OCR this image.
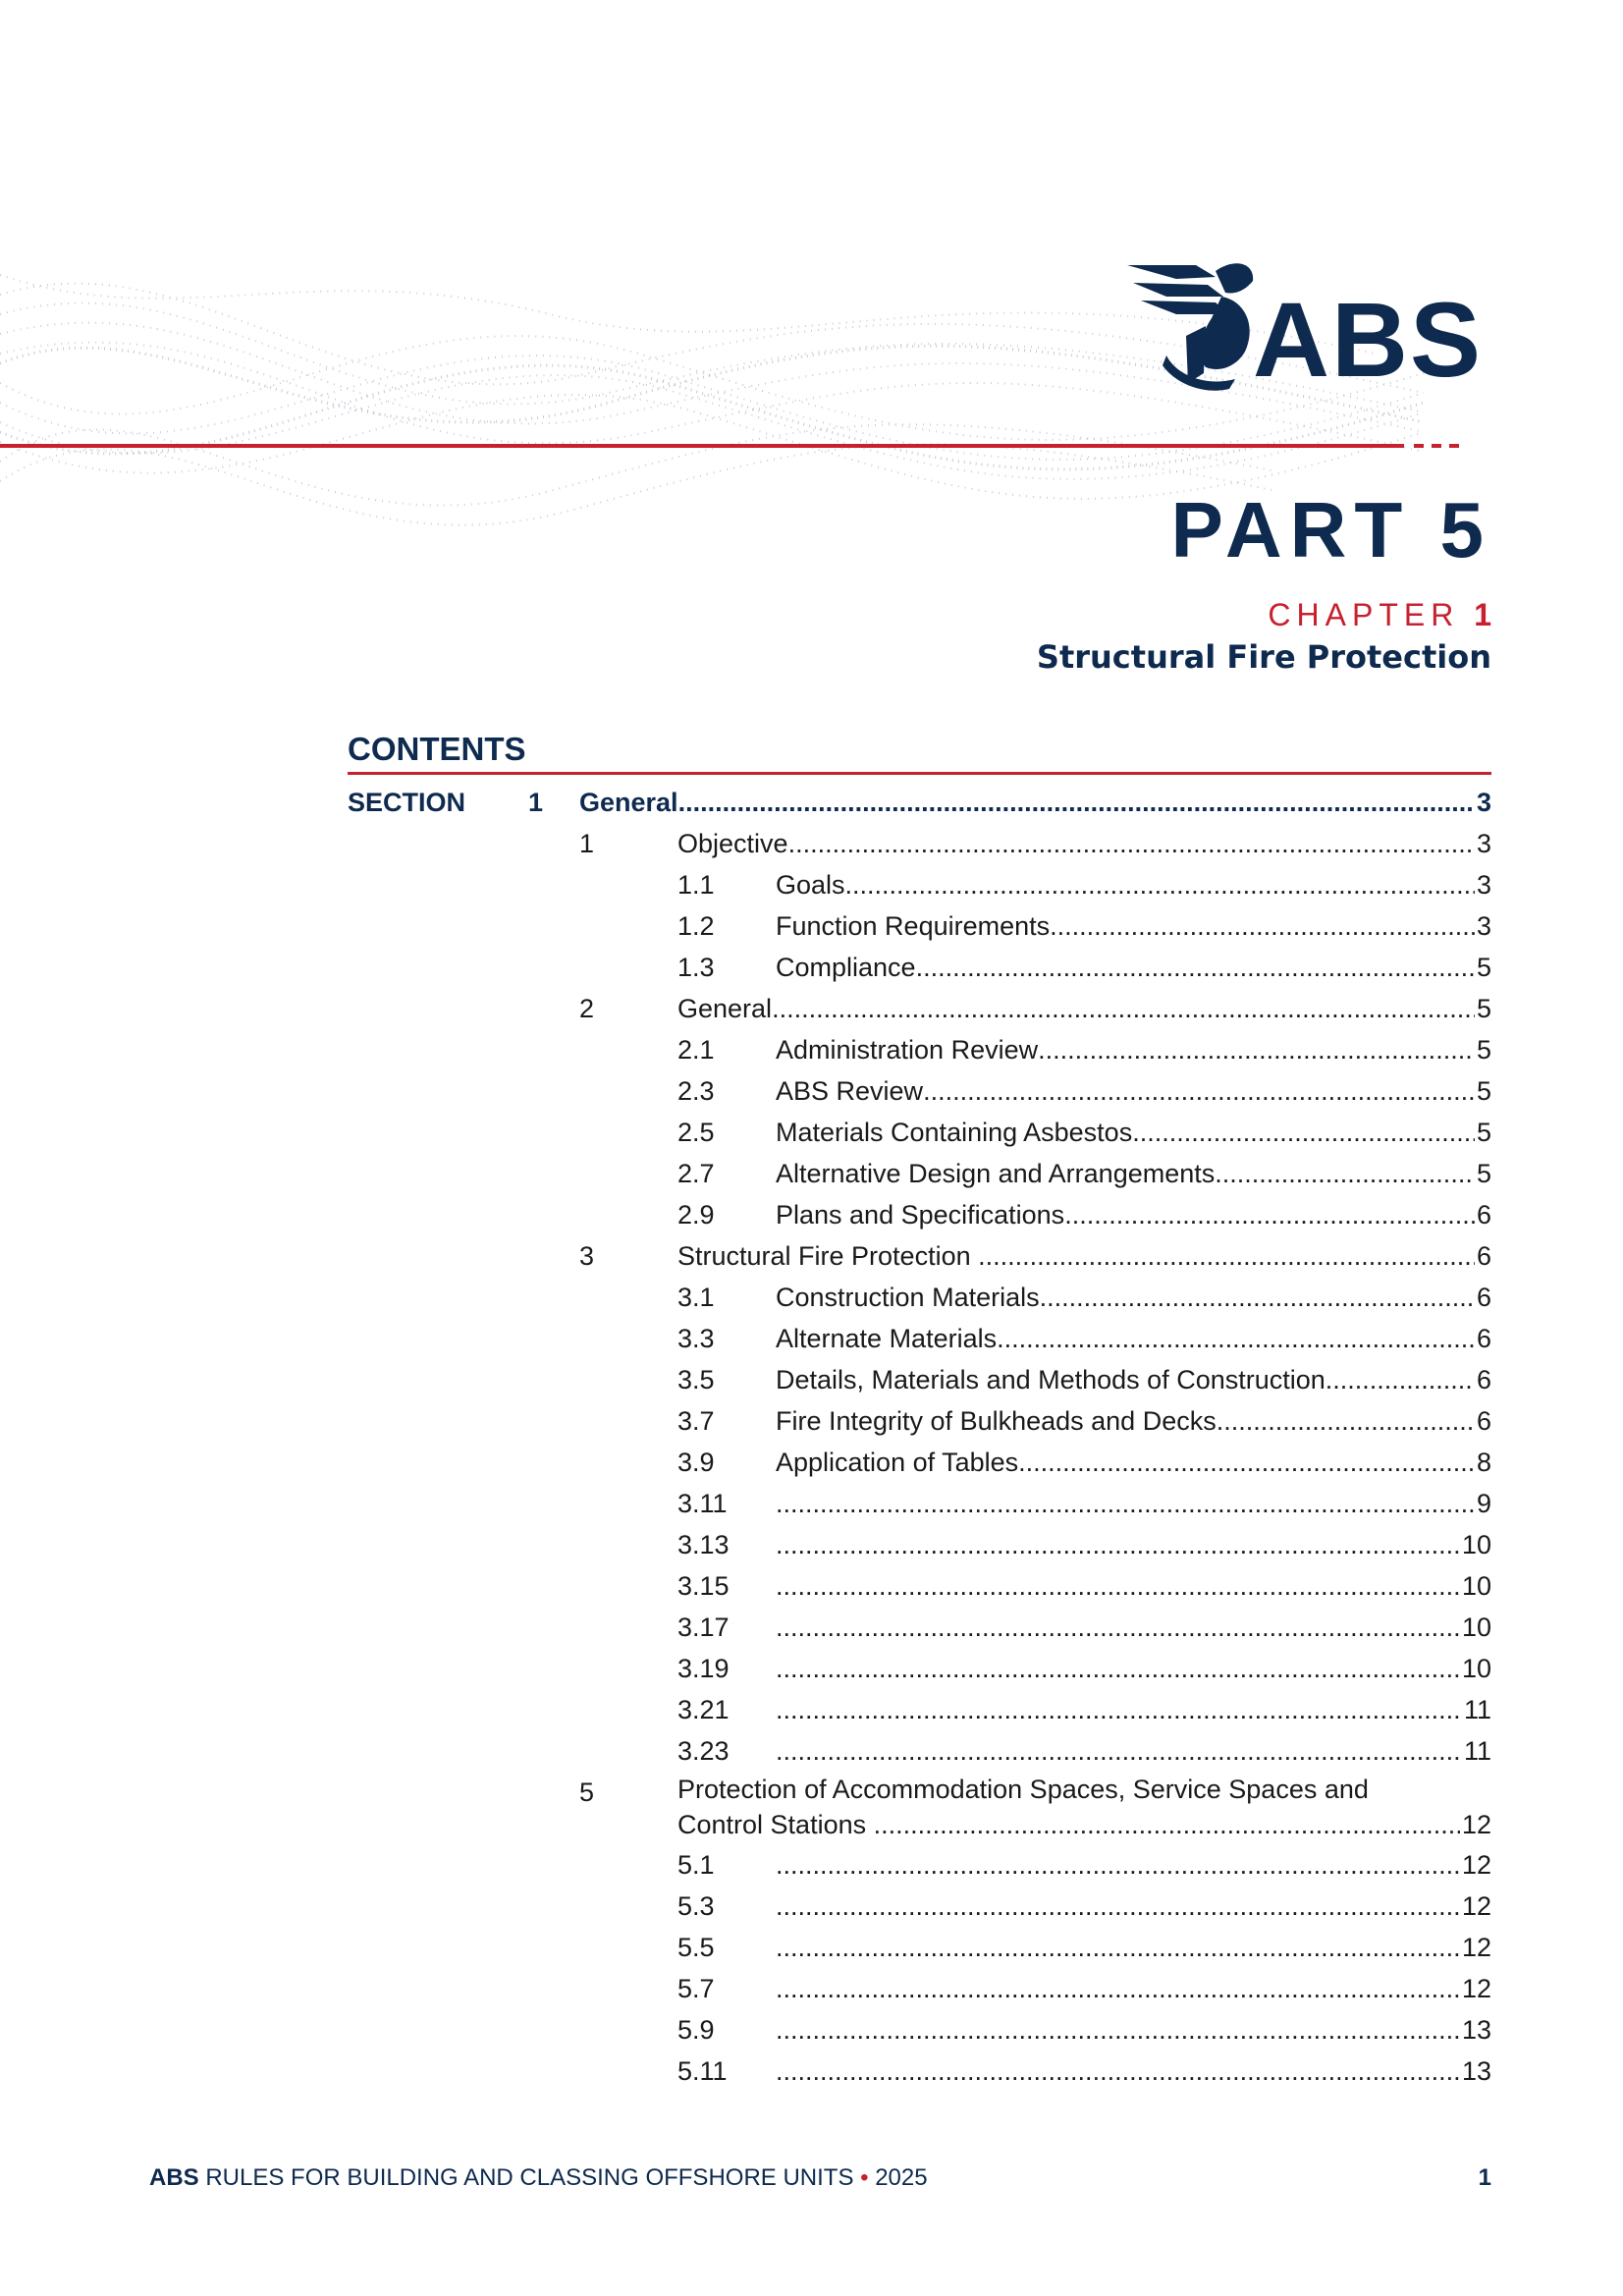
ABS
PART 5
CHAPTER 1
Structural Fire Protection
CONTENTS
SECTION 1 General .....	3
1	Objective .....	3
1.1 Goals .....	3
1.2 Function Requirements .....	3
1.3 Compliance .....	5
2	General .....	5
2.1 Administration Review .....	5
2.3 ABS Review .....	5
2.5 Materials Containing Asbestos .....	5
2.7 Alternative Design and Arrangements .....	5
2.9 Plans and Specifications .....	6
3	Structural Fire Protection .....	6
3.1 Construction Materials .....	6
3.3 Alternate Materials .....	6
3.5 Details, Materials and Methods of Construction .....	6
3.7 Fire Integrity of Bulkheads and Decks .....	6
3.9 Application of Tables .....	8
3.11 .....	9
3.13 .....	10
3.15 .....	10
3.17 .....	10
3.19 .....	10
3.21 .....	11
3.23 .....	11
5	Protection of Accommodation Spaces, Service Spaces and
Control Stations .....	12
5.1 .....	12
5.3 .....	12
5.5 .....	12
5.7 .....	12
5.9 .....	13
5.11 .....	13
ABS RULES FOR BUILDING AND CLASSING OFFSHORE UNITS • 2025	1
